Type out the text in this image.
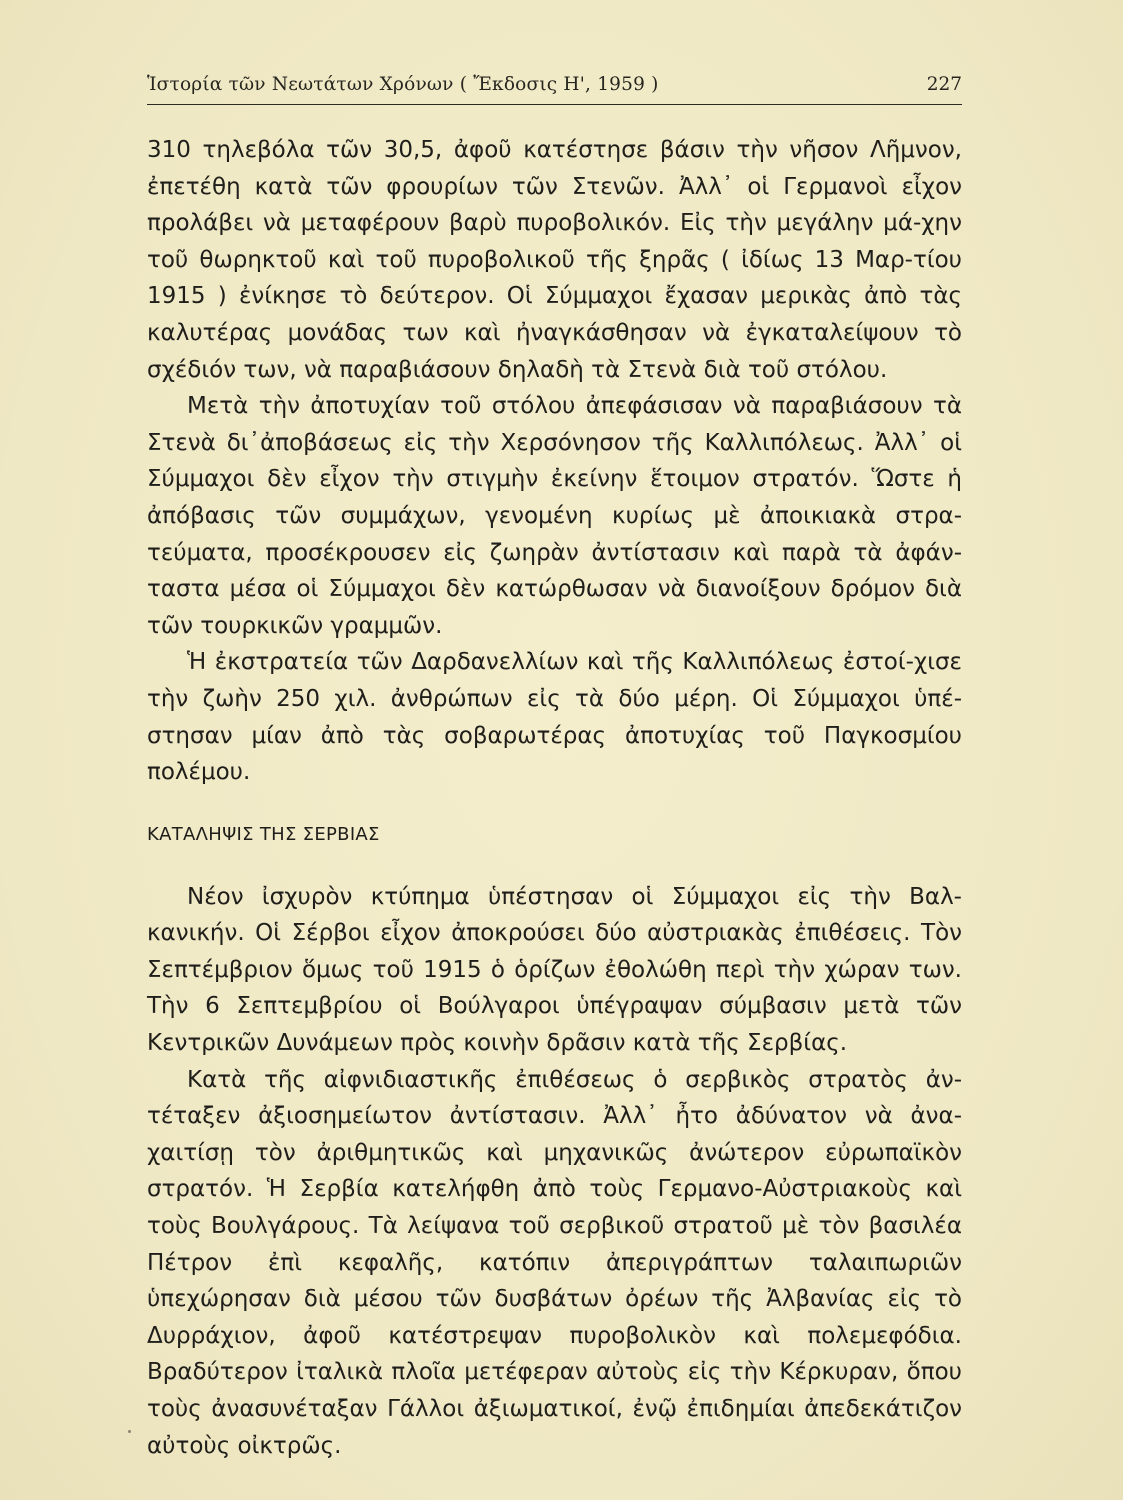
Ἱστορία τῶν Νεωτάτων Χρόνων ( Ἔκδοσις Η', 1959 )	227

310 τηλεβόλα τῶν 30,5, ἀφοῦ κατέστησε βάσιν τὴν νῆσον Λῆμνον, ἐπετέθη κατὰ τῶν φρουρίων τῶν Στενῶν. Ἀλλ᾽ οἱ Γερμανοὶ εἶχον προλάβει νὰ μεταφέρουν βαρὺ πυροβολικόν. Εἰς τὴν μεγάλην μά-χην τοῦ θωρηκτοῦ καὶ τοῦ πυροβολικοῦ τῆς ξηρᾶς ( ἰδίως 13 Μαρ-τίου 1915 ) ἐνίκησε τὸ δεύτερον. Οἱ Σύμμαχοι ἔχασαν μερικὰς ἀπὸ τὰς καλυτέρας μονάδας των καὶ ἠναγκάσθησαν νὰ ἐγκαταλείψουν τὸ σχέδιόν των, νὰ παραβιάσουν δηλαδὴ τὰ Στενὰ διὰ τοῦ στόλου.

Μετὰ τὴν ἀποτυχίαν τοῦ στόλου ἀπεφάσισαν νὰ παραβιάσουν τὰ Στενὰ δι᾽ἀποβάσεως εἰς τὴν Χερσόνησον τῆς Καλλιπόλεως. Ἀλλ᾽ οἱ Σύμμαχοι δὲν εἶχον τὴν στιγμὴν ἐκείνην ἕτοιμον στρατόν. Ὥστε ἡ ἀπόβασις τῶν συμμάχων, γενομένη κυρίως μὲ ἀποικιακὰ στρα-τεύματα, προσέκρουσεν εἰς ζωηρὰν ἀντίστασιν καὶ παρὰ τὰ ἀφάν-ταστα μέσα οἱ Σύμμαχοι δὲν κατώρθωσαν νὰ διανοίξουν δρόμον διὰ τῶν τουρκικῶν γραμμῶν.

Ἡ ἐκστρατεία τῶν Δαρδανελλίων καὶ τῆς Καλλιπόλεως ἐστοί-χισε τὴν ζωὴν 250 χιλ. ἀνθρώπων εἰς τὰ δύο μέρη. Οἱ Σύμμαχοι ὑπέ-στησαν μίαν ἀπὸ τὰς σοβαρωτέρας ἀποτυχίας τοῦ Παγκοσμίου πολέμου.

ΚΑΤΑΛΗΨΙΣ ΤΗΣ ΣΕΡΒΙΑΣ

Νέον ἰσχυρὸν κτύπημα ὑπέστησαν οἱ Σύμμαχοι εἰς τὴν Βαλ-κανικήν. Οἱ Σέρβοι εἶχον ἀποκρούσει δύο αὐστριακὰς ἐπιθέσεις. Τὸν Σεπτέμβριον ὅμως τοῦ 1915 ὁ ὁρίζων ἐθολώθη περὶ τὴν χώραν των. Τὴν 6 Σεπτεμβρίου οἱ Βούλγαροι ὑπέγραψαν σύμβασιν μετὰ τῶν Κεντρικῶν Δυνάμεων πρὸς κοινὴν δρᾶσιν κατὰ τῆς Σερβίας.

Κατὰ τῆς αἰφνιδιαστικῆς ἐπιθέσεως ὁ σερβικὸς στρατὸς ἀν-τέταξεν ἀξιοσημείωτον ἀντίστασιν. Ἀλλ᾽ ἦτο ἀδύνατον νὰ ἀνα-χαιτίσῃ τὸν ἀριθμητικῶς καὶ μηχανικῶς ἀνώτερον εὐρωπαϊκὸν στρατόν. Ἡ Σερβία κατελήφθη ἀπὸ τοὺς Γερμανο-Αὐστριακοὺς καὶ τοὺς Βουλγάρους. Τὰ λείψανα τοῦ σερβικοῦ στρατοῦ μὲ τὸν βασιλέα Πέτρον ἐπὶ κεφαλῆς, κατόπιν ἀπεριγράπτων ταλαιπωριῶν ὑπεχώρησαν διὰ μέσου τῶν δυσβάτων ὀρέων τῆς Ἀλβανίας εἰς τὸ Δυρράχιον, ἀφοῦ κατέστρεψαν πυροβολικὸν καὶ πολεμεφόδια. Βραδύτερον ἰταλικὰ πλοῖα μετέφεραν αὐτοὺς εἰς τὴν Κέρκυραν, ὅπου τοὺς ἀνασυνέταξαν Γάλλοι ἀξιωματικοί, ἐνῷ ἐπιδημίαι ἀπεδεκάτιζον αὐτοὺς οἰκτρῶς.
